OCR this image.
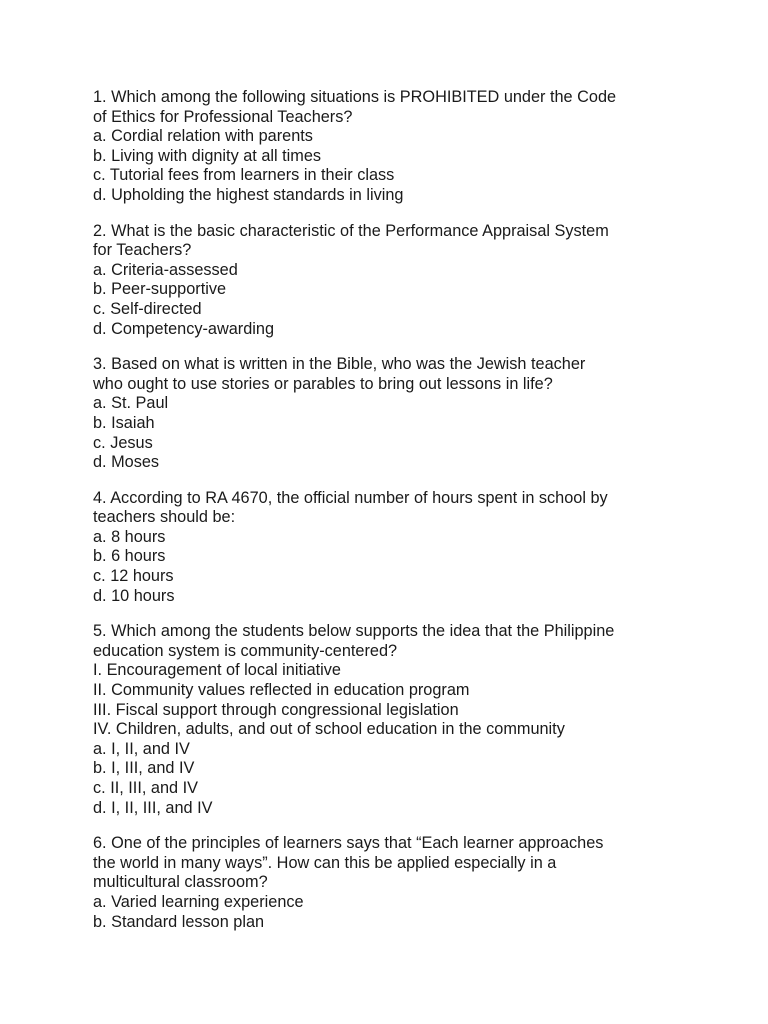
1. Which among the following situations is PROHIBITED under the Code
of Ethics for Professional Teachers?
a. Cordial relation with parents
b. Living with dignity at all times
c. Tutorial fees from learners in their class
d. Upholding the highest standards in living
2. What is the basic characteristic of the Performance Appraisal System
for Teachers?
a. Criteria-assessed
b. Peer-supportive
c. Self-directed
d. Competency-awarding
3. Based on what is written in the Bible, who was the Jewish teacher
who ought to use stories or parables to bring out lessons in life?
a. St. Paul
b. Isaiah
c. Jesus
d. Moses
4. According to RA 4670, the official number of hours spent in school by
teachers should be:
a. 8 hours
b. 6 hours
c. 12 hours
d. 10 hours
5. Which among the students below supports the idea that the Philippine
education system is community-centered?
I. Encouragement of local initiative
II. Community values reflected in education program
III. Fiscal support through congressional legislation
IV. Children, adults, and out of school education in the community
a. I, II, and IV
b. I, III, and IV
c. II, III, and IV
d. I, II, III, and IV
6. One of the principles of learners says that “Each learner approaches
the world in many ways”. How can this be applied especially in a
multicultural classroom?
a. Varied learning experience
b. Standard lesson plan
